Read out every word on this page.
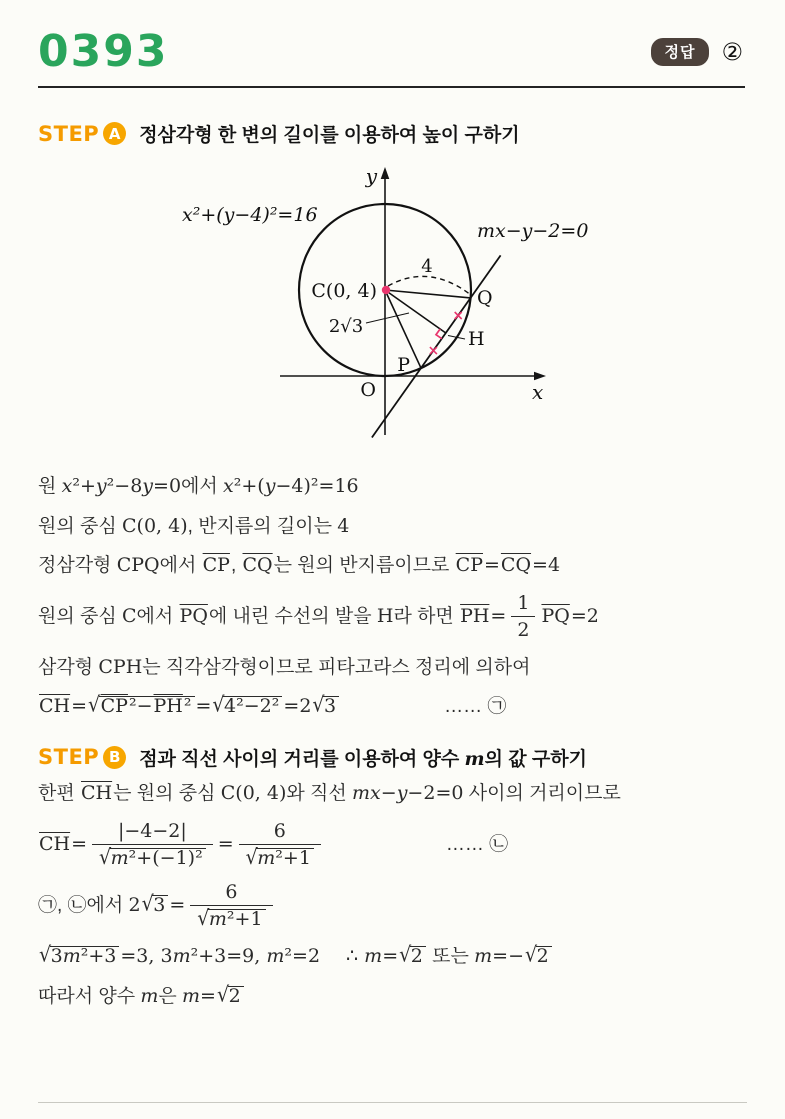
0393	정답	②
STEP A 정삼각형 한 변의 길이를 이용하여 높이 구하기
x²+(y−4)²=16
mx−y−2=0
C(0, 4)
4
2√3
P
Q
H
O	x
y
원 x²+y²−8y=0에서 x²+(y−4)²=16
원의 중심 C(0, 4), 반지름의 길이는 4
정삼각형 CPQ에서 $\overline{CP}$, $\overline{CQ}$는 원의 반지름이므로 $\overline{CP}=\overline{CQ}=4$
원의 중심 C에서 $\overline{PQ}$에 내린 수선의 발을 H라 하면 $\overline{PH}= \frac{1}{2} \overline{PQ}=2$
삼각형 CPH는 직각삼각형이므로 피타고라스 정리에 의하여
$\overline{CH}=√CP^2-\overline{PH}^2 =√4^2-2^2 =2√3$	…… ㉠
STEP B 점과 직선 사이의 거리를 이용하여 양수 m의 값 구하기
한편 $\overline{CH}$는 원의 중심 C(0, 4)와 직선 mx−y−2=0 사이의 거리이므로
$\overline{CH}= \frac{|-4-2|}{\text{√m²+(−1)²}} = \frac{6}{\text{√m²+1}}$	…… ㉡
㉠, ㉡에서 $2√3 = \frac{6}{\text{√m²+1}}$
√3m²+3 =3, 3m²+3=9, m²=2 ∴ m=√2 또는 m=−√2
따라서 양수 m은 m=√2
